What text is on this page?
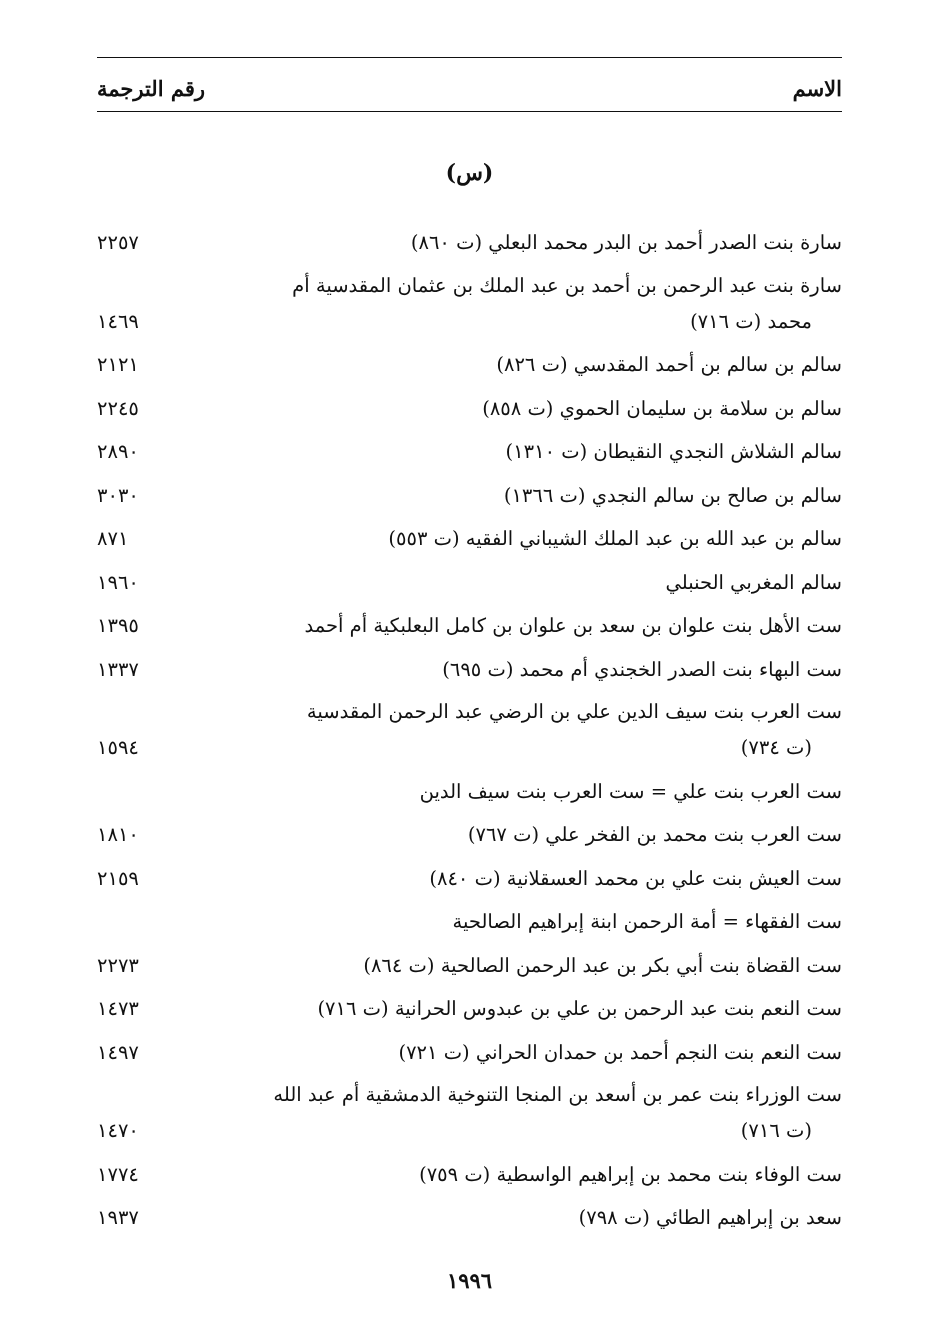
الاسم
رقم الترجمة
(س)
سارة بنت الصدر أحمد بن البدر محمد البعلي (ت ٨٦٠)
٢٢٥٧
سارة بنت عبد الرحمن بن أحمد بن عبد الملك بن عثمان المقدسية أم
محمد (ت ٧١٦)
١٤٦٩
سالم بن سالم بن أحمد المقدسي (ت ٨٢٦)
٢١٢١
سالم بن سلامة بن سليمان الحموي (ت ٨٥٨)
٢٢٤٥
سالم الشلاش النجدي النقيطان (ت ١٣١٠)
٢٨٩٠
سالم بن صالح بن سالم النجدي (ت ١٣٦٦)
٣٠٣٠
سالم بن عبد الله بن عبد الملك الشيباني الفقيه (ت ٥٥٣)
٨٧١
سالم المغربي الحنبلي
١٩٦٠
ست الأهل بنت علوان بن سعد بن علوان بن كامل البعلبكية أم أحمد
١٣٩٥
ست البهاء بنت الصدر الخجندي أم محمد (ت ٦٩٥)
١٣٣٧
ست العرب بنت سيف الدين علي بن الرضي عبد الرحمن المقدسية
(ت ٧٣٤)
١٥٩٤
ست العرب بنت علي = ست العرب بنت سيف الدين
ست العرب بنت محمد بن الفخر علي (ت ٧٦٧)
١٨١٠
ست العيش بنت علي بن محمد العسقلانية (ت ٨٤٠)
٢١٥٩
ست الفقهاء = أمة الرحمن ابنة إبراهيم الصالحية
ست القضاة بنت أبي بكر بن عبد الرحمن الصالحية (ت ٨٦٤)
٢٢٧٣
ست النعم بنت عبد الرحمن بن علي بن عبدوس الحرانية (ت ٧١٦)
١٤٧٣
ست النعم بنت النجم أحمد بن حمدان الحراني (ت ٧٢١)
١٤٩٧
ست الوزراء بنت عمر بن أسعد بن المنجا التنوخية الدمشقية أم عبد الله
(ت ٧١٦)
١٤٧٠
ست الوفاء بنت محمد بن إبراهيم الواسطية (ت ٧٥٩)
١٧٧٤
سعد بن إبراهيم الطائي (ت ٧٩٨)
١٩٣٧
١٩٩٦
